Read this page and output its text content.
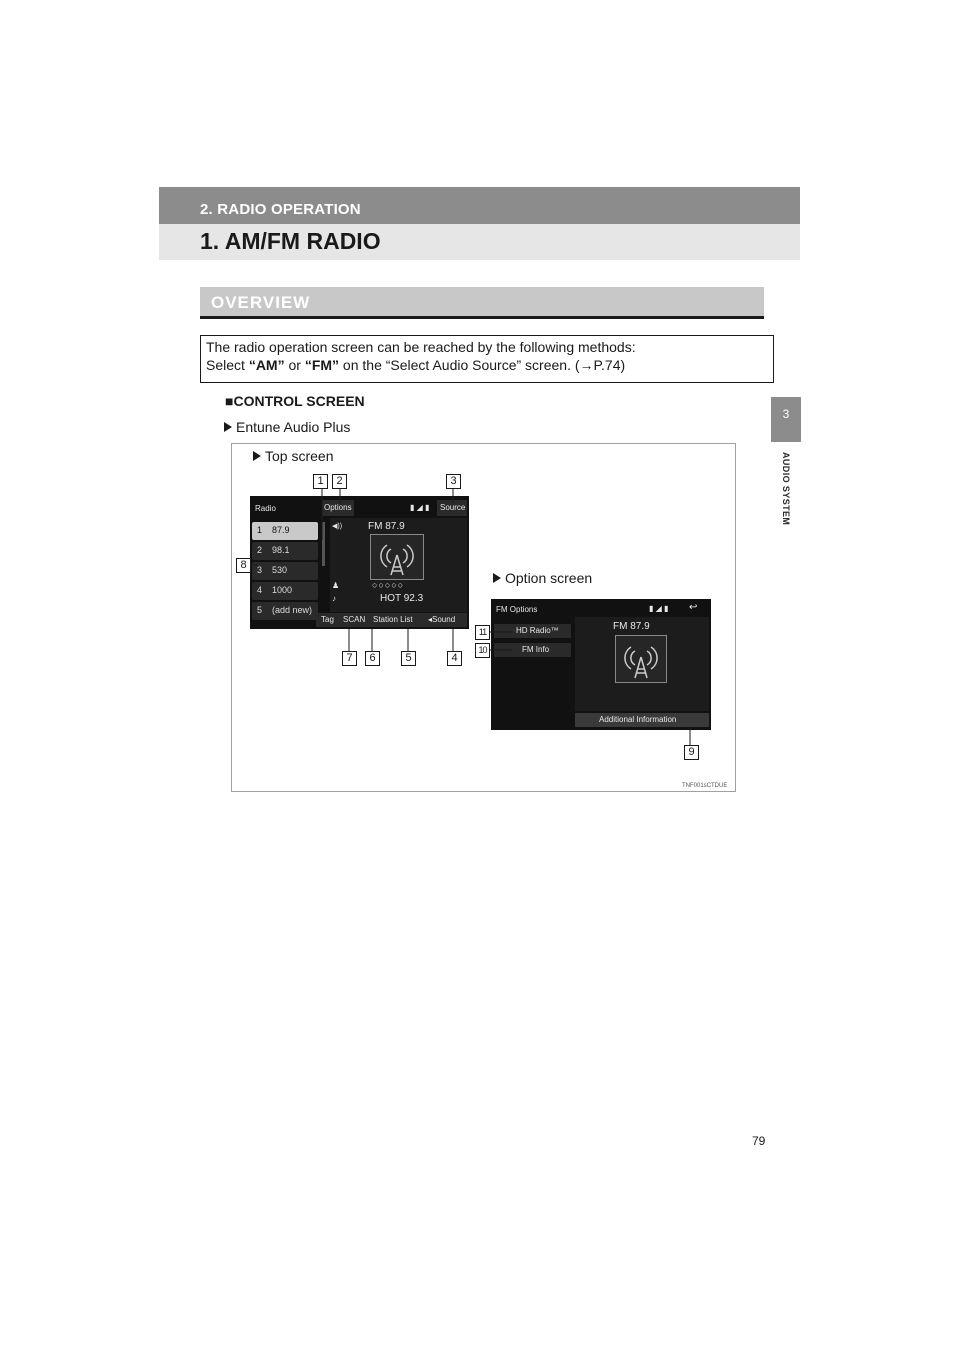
2. RADIO OPERATION
1. AM/FM RADIO
3
AUDIO SYSTEM
OVERVIEW
The radio operation screen can be reached by the following methods:
Select “AM” or “FM” on the “Select Audio Source” screen. (→P.74)
■CONTROL SCREEN
Entune Audio Plus
Top screen
Option screen
Radio	Options	▮ ◢ ▮ Source
1 87.9
2 98.1
3 530
4 1000
5 (add new)
◀))	FM 87.9
♟	○○○○○
♪	HOT 92.3
Tag SCAN Station List ◂Sound
FM Options	▮ ◢ ▮ ↩
HD Radio™
FM Info
FM 87.9
Additional Information
1	2	3
4
5
6
7
8
9
10
11
TNF001sCTDUE
79
